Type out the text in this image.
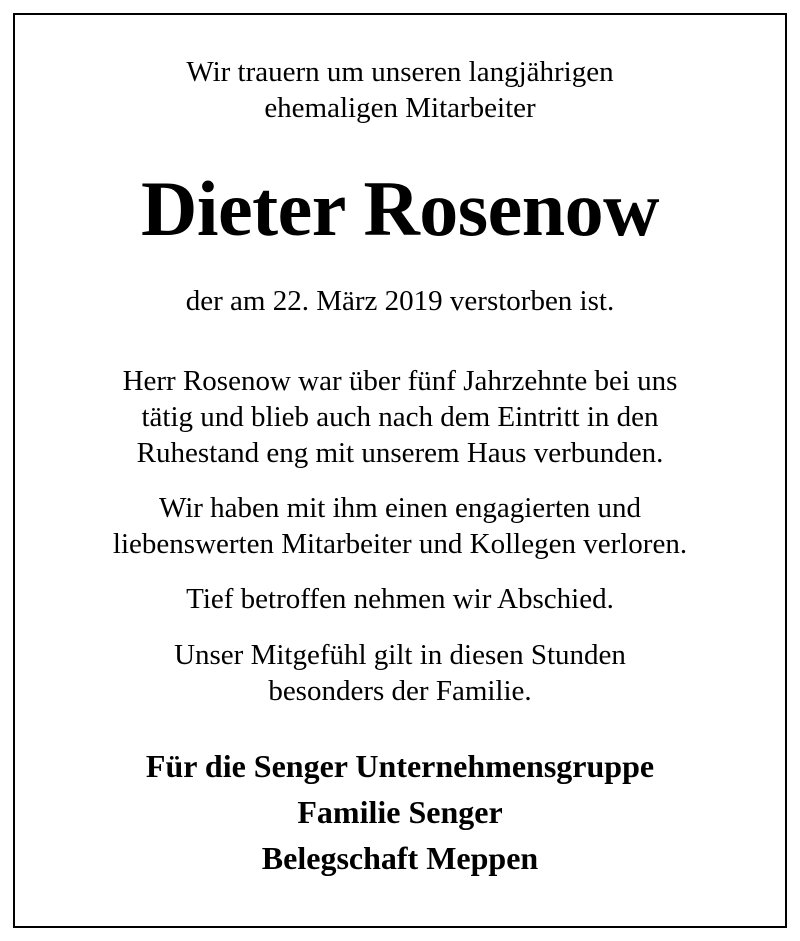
Wir trauern um unseren langjährigen
ehemaligen Mitarbeiter
Dieter Rosenow
der am 22. März 2019 verstorben ist.
Herr Rosenow war über fünf Jahrzehnte bei uns
tätig und blieb auch nach dem Eintritt in den
Ruhestand eng mit unserem Haus verbunden.
Wir haben mit ihm einen engagierten und
liebenswerten Mitarbeiter und Kollegen verloren.
Tief betroffen nehmen wir Abschied.
Unser Mitgefühl gilt in diesen Stunden
besonders der Familie.
Für die Senger Unternehmensgruppe
Familie Senger
Belegschaft Meppen
